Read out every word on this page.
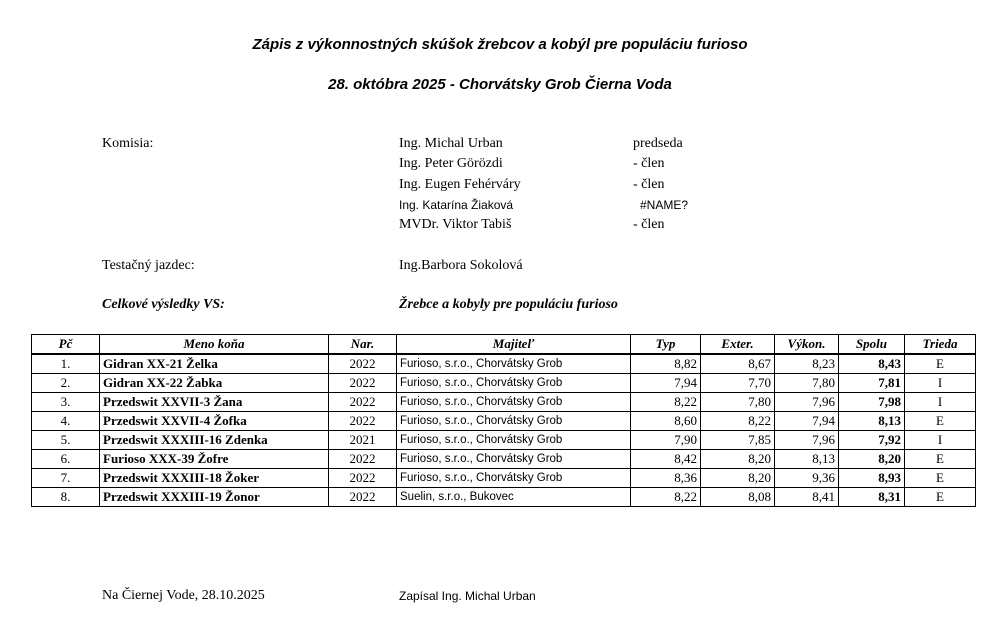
Zápis z výkonnostných skúšok žrebcov a kobýl pre populáciu furioso
28. októbra 2025 - Chorvátsky Grob Čierna Voda
Komisia:	Ing. Michal Urban	predseda
Ing. Peter Görözdi	- člen
Ing. Eugen Fehérváry	- člen
Ing. Katarína Žiaková	#NAME?
MVDr. Viktor Tabiš	- člen
Testačný jazdec:	Ing.Barbora Sokolová
Celkové výsledky VS:	Žrebce a kobyly pre populáciu furioso
Pč	Meno koňa	Nar.	Majiteľ	Typ	Exter.	Výkon.	Spolu	Trieda
1.	Gidran XX-21 Želka	2022	Furioso, s.r.o., Chorvátsky Grob	8,82	8,67	8,23	8,43	E
2.	Gidran XX-22 Žabka	2022	Furioso, s.r.o., Chorvátsky Grob	7,94	7,70	7,80	7,81	I
3.	Przedswit XXVII-3 Žana	2022	Furioso, s.r.o., Chorvátsky Grob	8,22	7,80	7,96	7,98	I
4.	Przedswit XXVII-4 Žofka	2022	Furioso, s.r.o., Chorvátsky Grob	8,60	8,22	7,94	8,13	E
5.	Przedswit XXXIII-16 Zdenka	2021	Furioso, s.r.o., Chorvátsky Grob	7,90	7,85	7,96	7,92	I
6.	Furioso XXX-39 Žofre	2022	Furioso, s.r.o., Chorvátsky Grob	8,42	8,20	8,13	8,20	E
7.	Przedswit XXXIII-18 Žoker	2022	Furioso, s.r.o., Chorvátsky Grob	8,36	8,20	9,36	8,93	E
8.	Przedswit XXXIII-19 Žonor	2022	Suelin, s.r.o., Bukovec	8,22	8,08	8,41	8,31	E
Na Čiernej Vode, 28.10.2025	Zapísal Ing. Michal Urban
